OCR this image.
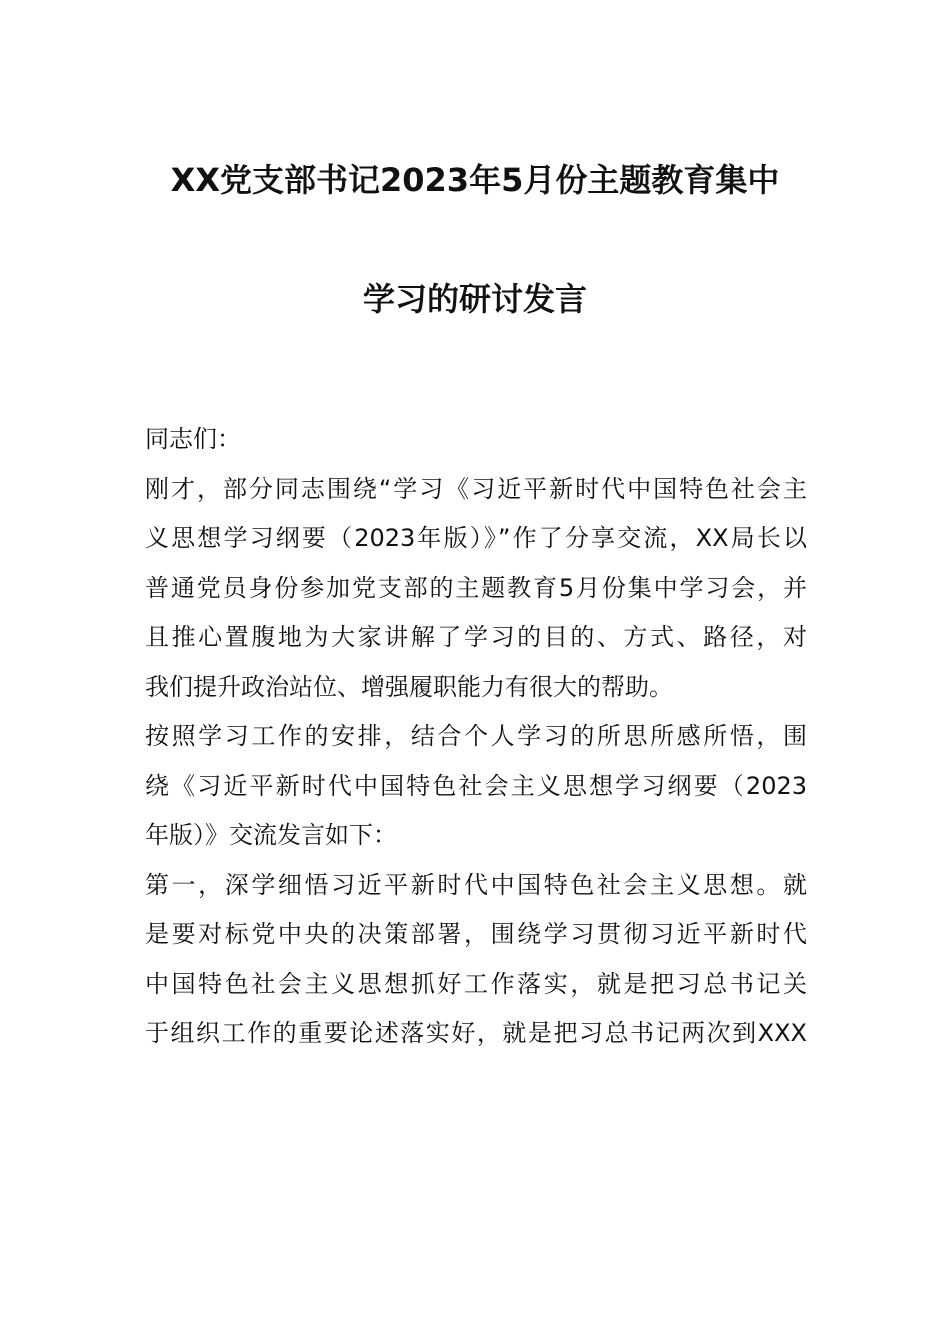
XX党支部书记2023年5月份主题教育集中
学习的研讨发言
同志们：
刚才，部分同志围绕“学习《习近平新时代中国特色社会主
义思想学习纲要（2023年版）》”作了分享交流，XX局长以
普通党员身份参加党支部的主题教育5月份集中学习会，并
且推心置腹地为大家讲解了学习的目的、方式、路径，对
我们提升政治站位、增强履职能力有很大的帮助。
按照学习工作的安排，结合个人学习的所思所感所悟，围
绕《习近平新时代中国特色社会主义思想学习纲要（2023
年版）》交流发言如下：
第一，深学细悟习近平新时代中国特色社会主义思想。就
是要对标党中央的决策部署，围绕学习贯彻习近平新时代
中国特色社会主义思想抓好工作落实，就是把习总书记关
于组织工作的重要论述落实好，就是把习总书记两次到XXX
